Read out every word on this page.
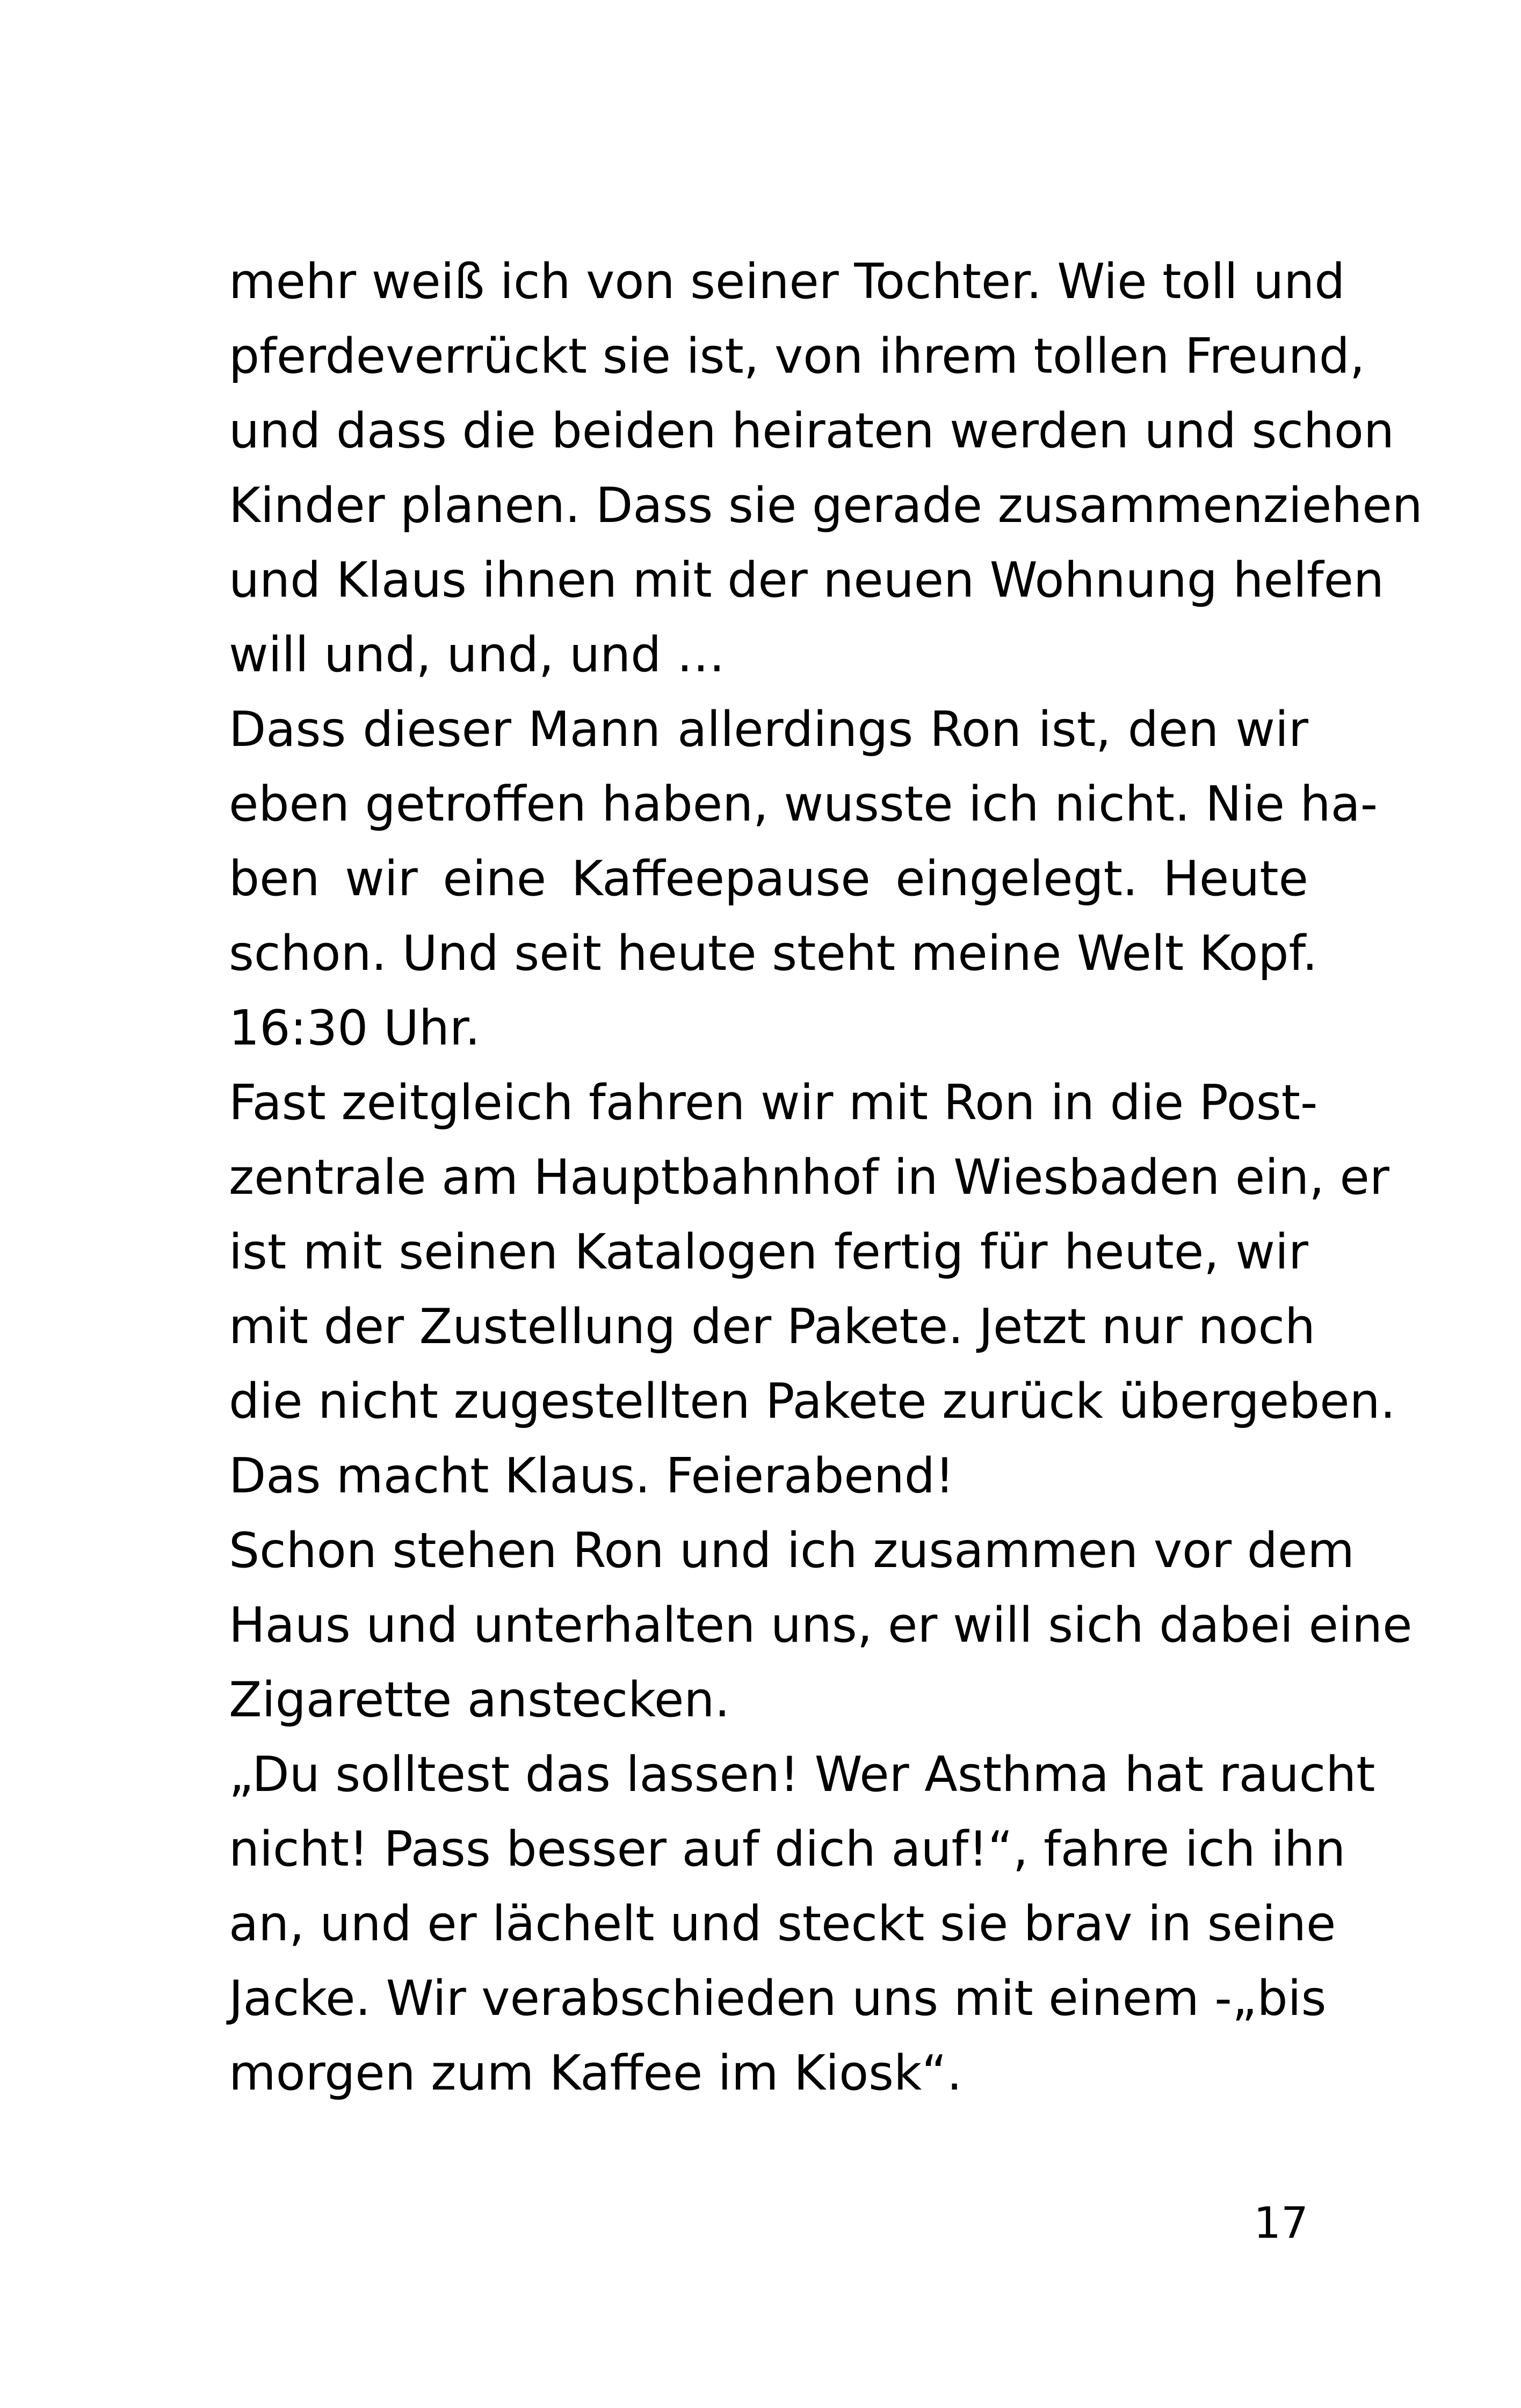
mehr weiß ich von seiner Tochter. Wie toll und
pferdeverrückt sie ist, von ihrem tollen Freund,
und dass die beiden heiraten werden und schon
Kinder planen. Dass sie gerade zusammenziehen
und Klaus ihnen mit der neuen Wohnung helfen
will und, und, und …
Dass dieser Mann allerdings Ron ist, den wir
eben getroffen haben, wusste ich nicht. Nie ha-
ben wir eine Kaffeepause eingelegt. Heute
schon. Und seit heute steht meine Welt Kopf.
16:30 Uhr.
Fast zeitgleich fahren wir mit Ron in die Post-
zentrale am Hauptbahnhof in Wiesbaden ein, er
ist mit seinen Katalogen fertig für heute, wir
mit der Zustellung der Pakete. Jetzt nur noch
die nicht zugestellten Pakete zurück übergeben.
Das macht Klaus. Feierabend!
Schon stehen Ron und ich zusammen vor dem
Haus und unterhalten uns, er will sich dabei eine
Zigarette anstecken.
„Du solltest das lassen! Wer Asthma hat raucht
nicht! Pass besser auf dich auf!“, fahre ich ihn
an, und er lächelt und steckt sie brav in seine
Jacke. Wir verabschieden uns mit einem -„bis
morgen zum Kaffee im Kiosk“.
17
